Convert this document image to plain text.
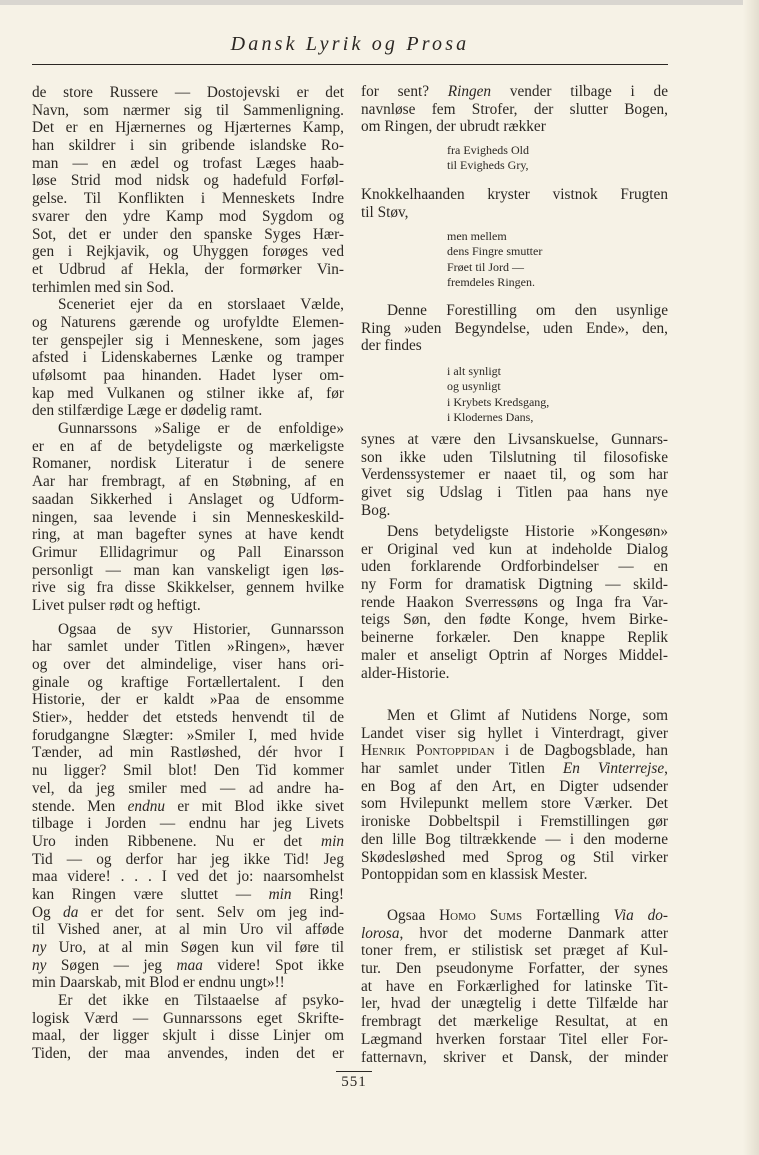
Dansk Lyrik og Prosa
de store Russere — Dostojevski er det
Navn, som nærmer sig til Sammenligning.
Det er en Hjærnernes og Hjærternes Kamp,
han skildrer i sin gribende islandske Ro-
man — en ædel og trofast Læges haab-
løse Strid mod nidsk og hadefuld Forføl-
gelse. Til Konflikten i Menneskets Indre
svarer den ydre Kamp mod Sygdom og
Sot, det er under den spanske Syges Hær-
gen i Rejkjavik, og Uhyggen forøges ved
et Udbrud af Hekla, der formørker Vin-
terhimlen med sin Sod.
Sceneriet ejer da en storslaaet Vælde,
og Naturens gærende og urofyldte Elemen-
ter genspejler sig i Menneskene, som jages
afsted i Lidenskabernes Lænke og tramper
ufølsomt paa hinanden. Hadet lyser om-
kap med Vulkanen og stilner ikke af, før
den stilfærdige Læge er dødelig ramt.
Gunnarssons »Salige er de enfoldige»
er en af de betydeligste og mærkeligste
Romaner, nordisk Literatur i de senere
Aar har frembragt, af en Støbning, af en
saadan Sikkerhed i Anslaget og Udform-
ningen, saa levende i sin Menneskeskild-
ring, at man bagefter synes at have kendt
Grimur Ellidagrimur og Pall Einarsson
personligt — man kan vanskeligt igen løs-
rive sig fra disse Skikkelser, gennem hvilke
Livet pulser rødt og heftigt.
Ogsaa de syv Historier, Gunnarsson
har samlet under Titlen »Ringen», hæver
og over det almindelige, viser hans ori-
ginale og kraftige Fortællertalent. I den
Historie, der er kaldt »Paa de ensomme
Stier», hedder det etsteds henvendt til de
forudgangne Slægter: »Smiler I, med hvide
Tænder, ad min Rastløshed, dér hvor I
nu ligger? Smil blot! Den Tid kommer
vel, da jeg smiler med — ad andre ha-
stende. Men endnu er mit Blod ikke sivet
tilbage i Jorden — endnu har jeg Livets
Uro inden Ribbenene. Nu er det min
Tid — og derfor har jeg ikke Tid! Jeg
maa videre! . . . I ved det jo: naarsomhelst
kan Ringen være sluttet — min Ring!
Og da er det for sent. Selv om jeg ind-
til Vished aner, at al min Uro vil afføde
ny Uro, at al min Søgen kun vil føre til
ny Søgen — jeg maa videre! Spot ikke
min Daarskab, mit Blod er endnu ungt»!!
Er det ikke en Tilstaaelse af psyko-
logisk Værd — Gunnarssons eget Skrifte-
maal, der ligger skjult i disse Linjer om
Tiden, der maa anvendes, inden det er
for sent? Ringen vender tilbage i de
navnløse fem Strofer, der slutter Bogen,
om Ringen, der ubrudt rækker
fra Evigheds Old
til Evigheds Gry,
Knokkelhaanden kryster vistnok Frugten
til Støv,
men mellem
dens Fingre smutter
Frøet til Jord —
fremdeles Ringen.
Denne Forestilling om den usynlige
Ring »uden Begyndelse, uden Ende», den,
der findes
i alt synligt
og usynligt
i Krybets Kredsgang,
i Klodernes Dans,
synes at være den Livsanskuelse, Gunnars-
son ikke uden Tilslutning til filosofiske
Verdenssystemer er naaet til, og som har
givet sig Udslag i Titlen paa hans nye
Bog.
Dens betydeligste Historie »Kongesøn»
er Original ved kun at indeholde Dialog
uden forklarende Ordforbindelser — en
ny Form for dramatisk Digtning — skild-
rende Haakon Sverressøns og Inga fra Var-
teigs Søn, den fødte Konge, hvem Birke-
beinerne forkæler. Den knappe Replik
maler et anseligt Optrin af Norges Middel-
alder-Historie.
Men et Glimt af Nutidens Norge, som
Landet viser sig hyllet i Vinterdragt, giver
Henrik Pontoppidan i de Dagbogsblade, han
har samlet under Titlen En Vinterrejse,
en Bog af den Art, en Digter udsender
som Hvilepunkt mellem store Værker. Det
ironiske Dobbeltspil i Fremstillingen gør
den lille Bog tiltrækkende — i den moderne
Skødesløshed med Sprog og Stil virker
Pontoppidan som en klassisk Mester.
Ogsaa Homo Sums Fortælling Via do-
lorosa, hvor det moderne Danmark atter
toner frem, er stilistisk set præget af Kul-
tur. Den pseudonyme Forfatter, der synes
at have en Forkærlighed for latinske Tit-
ler, hvad der unægtelig i dette Tilfælde har
frembragt det mærkelige Resultat, at en
Lægmand hverken forstaar Titel eller For-
fatternavn, skriver et Dansk, der minder
551
